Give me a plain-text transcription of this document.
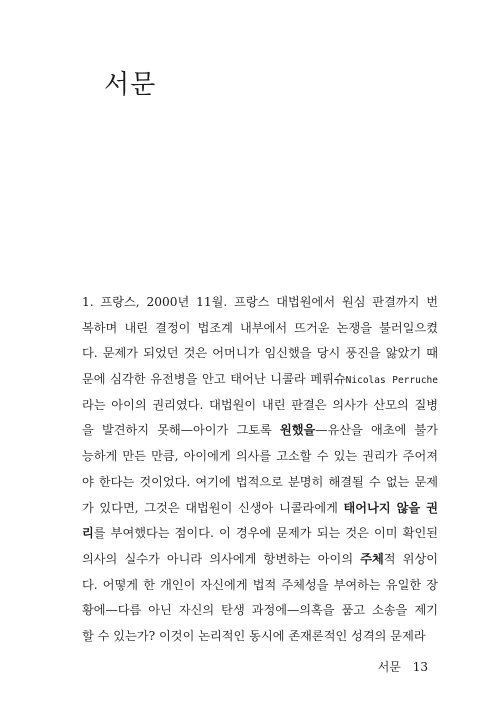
서문
1. 프랑스, 2000년 11월. 프랑스 대법원에서 원심 판결까지 번
복하며 내린 결정이 법조계 내부에서 뜨거운 논쟁을 불러일으켰
다. 문제가 되었던 것은 어머니가 임신했을 당시 풍진을 앓았기 때
문에 심각한 유전병을 안고 태어난 니콜라 페뤼슈Nicolas Perruche
라는 아이의 권리였다. 대법원이 내린 판결은 의사가 산모의 질병
을 발견하지 못해—아이가 그토록 원했을—유산을 애초에 불가
능하게 만든 만큼, 아이에게 의사를 고소할 수 있는 권리가 주어져
야 한다는 것이었다. 여기에 법적으로 분명히 해결될 수 없는 문제
가 있다면, 그것은 대법원이 신생아 니콜라에게 태어나지 않을 권
리를 부여했다는 점이다. 이 경우에 문제가 되는 것은 이미 확인된
의사의 실수가 아니라 의사에게 항변하는 아이의 주체적 위상이
다. 어떻게 한 개인이 자신에게 법적 주체성을 부여하는 유일한 장
황에—다름 아닌 자신의 탄생 과정에—의혹을 품고 소송을 제기
할 수 있는가? 이것이 논리적인 동시에 존재론적인 성격의 문제라
서문 13
